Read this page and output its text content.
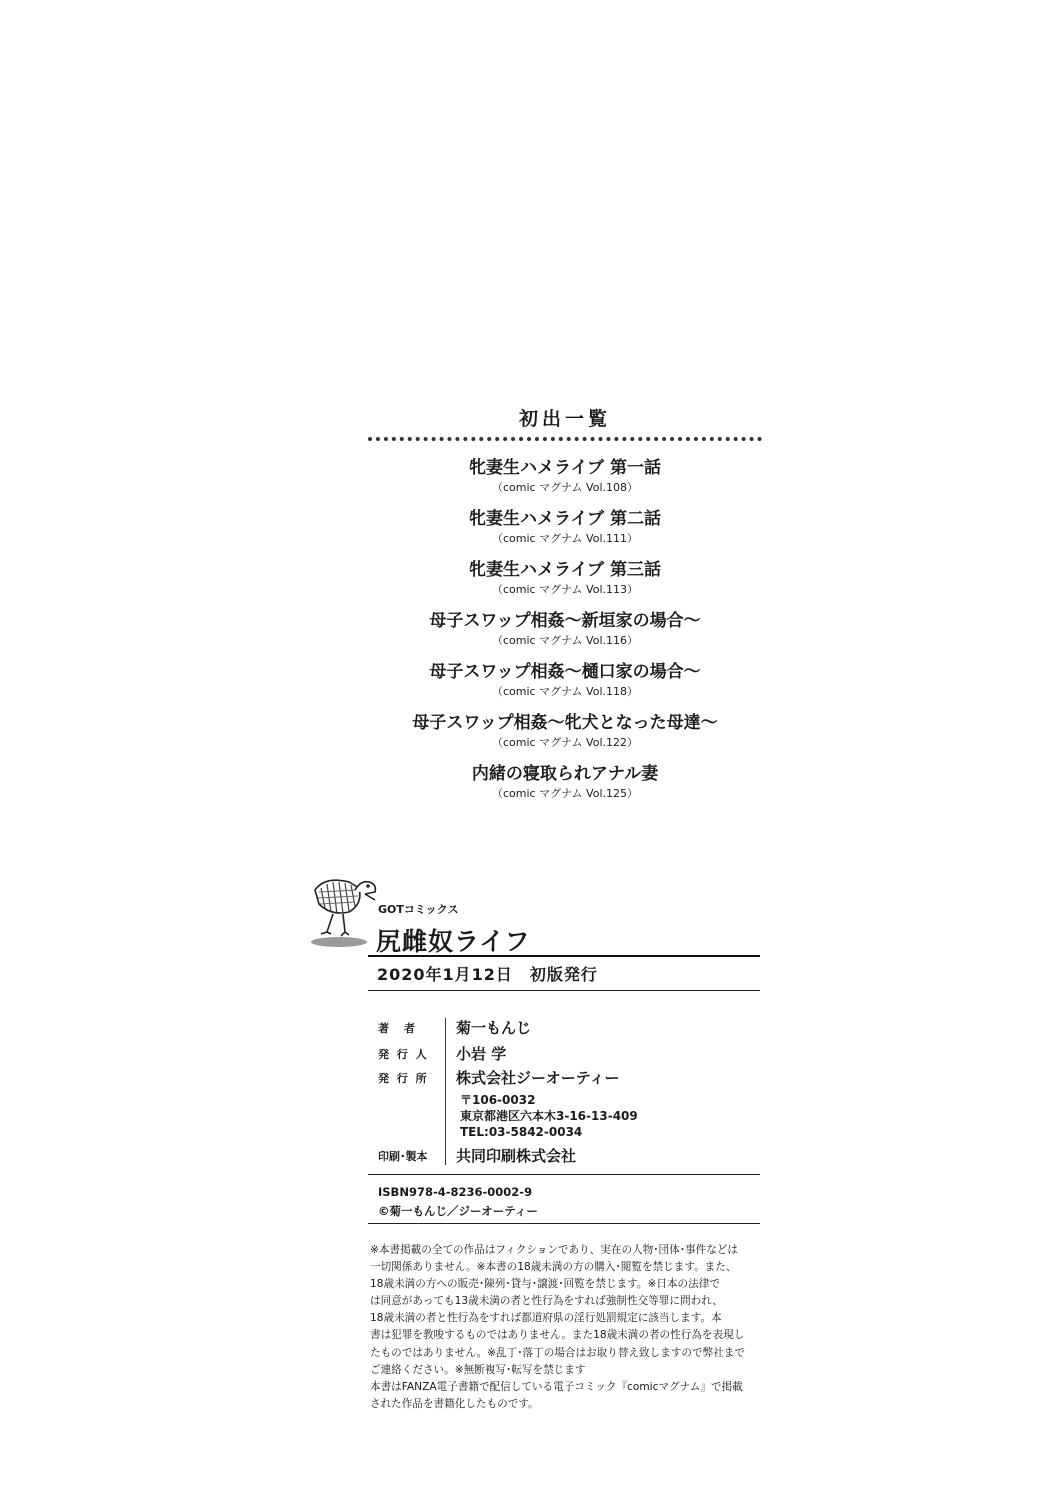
初出一覧
牝妻生ハメライブ 第一話
（comic マグナム Vol.108）
牝妻生ハメライブ 第二話
（comic マグナム Vol.111）
牝妻生ハメライブ 第三話
（comic マグナム Vol.113）
母子スワップ相姦～新垣家の場合～
（comic マグナム Vol.116）
母子スワップ相姦～樋口家の場合～
（comic マグナム Vol.118）
母子スワップ相姦～牝犬となった母達～
（comic マグナム Vol.122）
内緒の寝取られアナル妻
（comic マグナム Vol.125）
GOTコミックス
尻雌奴ライフ
2020年1月12日　初版発行
著　者	菊一もんじ
発 行 人	小岩 学
発 行 所	株式会社ジーオーティー
〒106-0032
東京都港区六本木3-16-13-409
TEL:03-5842-0034
印刷･製本	共同印刷株式会社
ISBN978-4-8236-0002-9
©菊一もんじ／ジーオーティー

※本書掲載の全ての作品はフィクションであり、実在の人物･団体･事件などは

一切関係ありません。※本書の18歳未満の方の購入･閲覧を禁じます。また、

18歳未満の方への販売･陳列･貸与･譲渡･回覧を禁じます。※日本の法律で

は同意があっても13歳未満の者と性行為をすれば強制性交等罪に問われ、

18歳未満の者と性行為をすれば都道府県の淫行処罰規定に該当します。本

書は犯罪を教唆するものではありません。また18歳未満の者の性行為を表現し

たものではありません。※乱丁･落丁の場合はお取り替え致しますので弊社まで

ご連絡ください。※無断複写･転写を禁じます

本書はFANZA電子書籍で配信している電子コミック『comicマグナム』で掲載

された作品を書籍化したものです。
